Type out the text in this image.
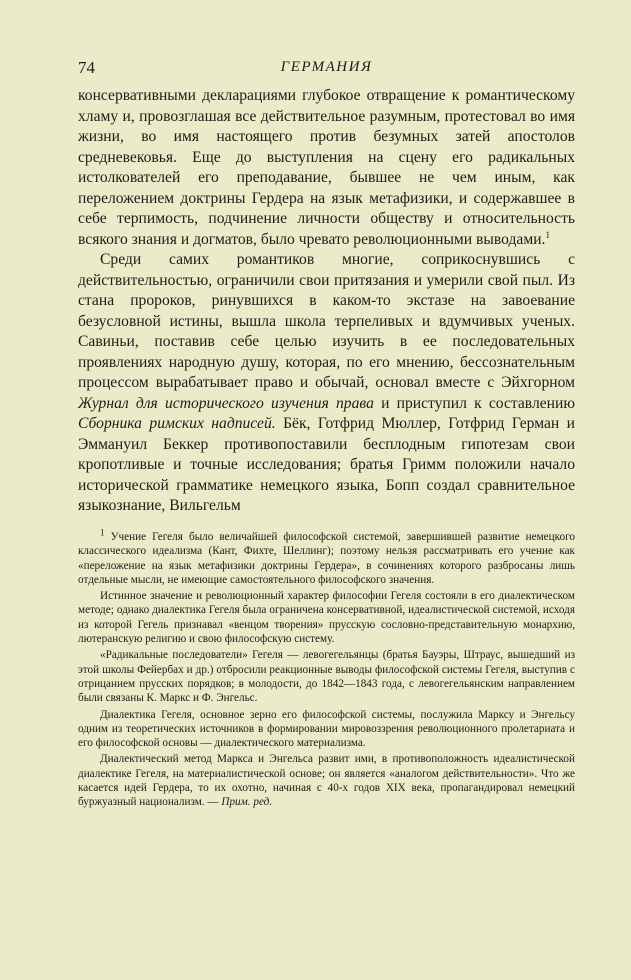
74	ГЕРМАНИЯ

консервативными декларациями глубокое отвращение к романтическому хламу и, провозглашая все действительное разумным, протестовал во имя жизни, во имя настоящего против безумных затей апостолов средневековья. Еще до выступления на сцену его радикальных истолкователей его преподавание, бывшее не чем иным, как переложением доктрины Гердера на язык метафизики, и содержавшее в себе терпимость, подчинение личности обществу и относительность всякого знания и догматов, было чревато революционными выводами.$^1$

Среди самих романтиков многие, соприкоснувшись с действительностью, ограничили свои притязания и умерили свой пыл. Из стана пророков, ринувшихся в каком-то экстазе на завоевание безусловной истины, вышла школа терпеливых и вдумчивых ученых. Савиньи, поставив себе целью изучить в ее последовательных проявлениях народную душу, которая, по его мнению, бессознательным процессом вырабатывает право и обычай, основал вместе с Эйхгорном Журнал для исторического изучения права и приступил к составлению Сборника римских надписей. Бёк, Готфрид Мюллер, Готфрид Герман и Эммануил Беккер противопоставили бесплодным гипотезам свои кропотливые и точные исследования; братья Гримм положили начало исторической грамматике немецкого языка, Бопп создал сравнительное языкознание, Вильгельм

$^1$ Учение Гегеля было величайшей философской системой, завершившей развитие немецкого классического идеализма (Кант, Фихте, Шеллинг); поэтому нельзя рассматривать его учение как «переложение на язык метафизики доктрины Гердера», в сочинениях которого разбросаны лишь отдельные мысли, не имеющие самостоятельного философского значения.

Истинное значение и революционный характер философии Гегеля состояли в его диалектическом методе; однако диалектика Гегеля была ограничена консервативной, идеалистической системой, исходя из которой Гегель признавал «венцом творения» прусскую сословно-представительную монархию, лютеранскую религию и свою философскую систему.

«Радикальные последователи» Гегеля — левогегельянцы (братья Бауэры, Штраус, вышедший из этой школы Фейербах и др.) отбросили реакционные выводы философской системы Гегеля, выступив с отрицанием прусских порядков; в молодости, до 1842—1843 года, с левогегельянским направлением были связаны К. Маркс и Ф. Энгельс.

Диалектика Гегеля, основное зерно его философской системы, послужила Марксу и Энгельсу одним из теоретических источников в формировании мировоззрения революционного пролетариата и его философской основы — диалектического материализма.

Диалектический метод Маркса и Энгельса развит ими, в противоположность идеалистической диалектике Гегеля, на материалистической основе; он является «аналогом действительности». Что же касается идей Гердера, то их охотно, начиная с 40-х годов XIX века, пропагандировал немецкий буржуазный национализм. — Прим. ред.
